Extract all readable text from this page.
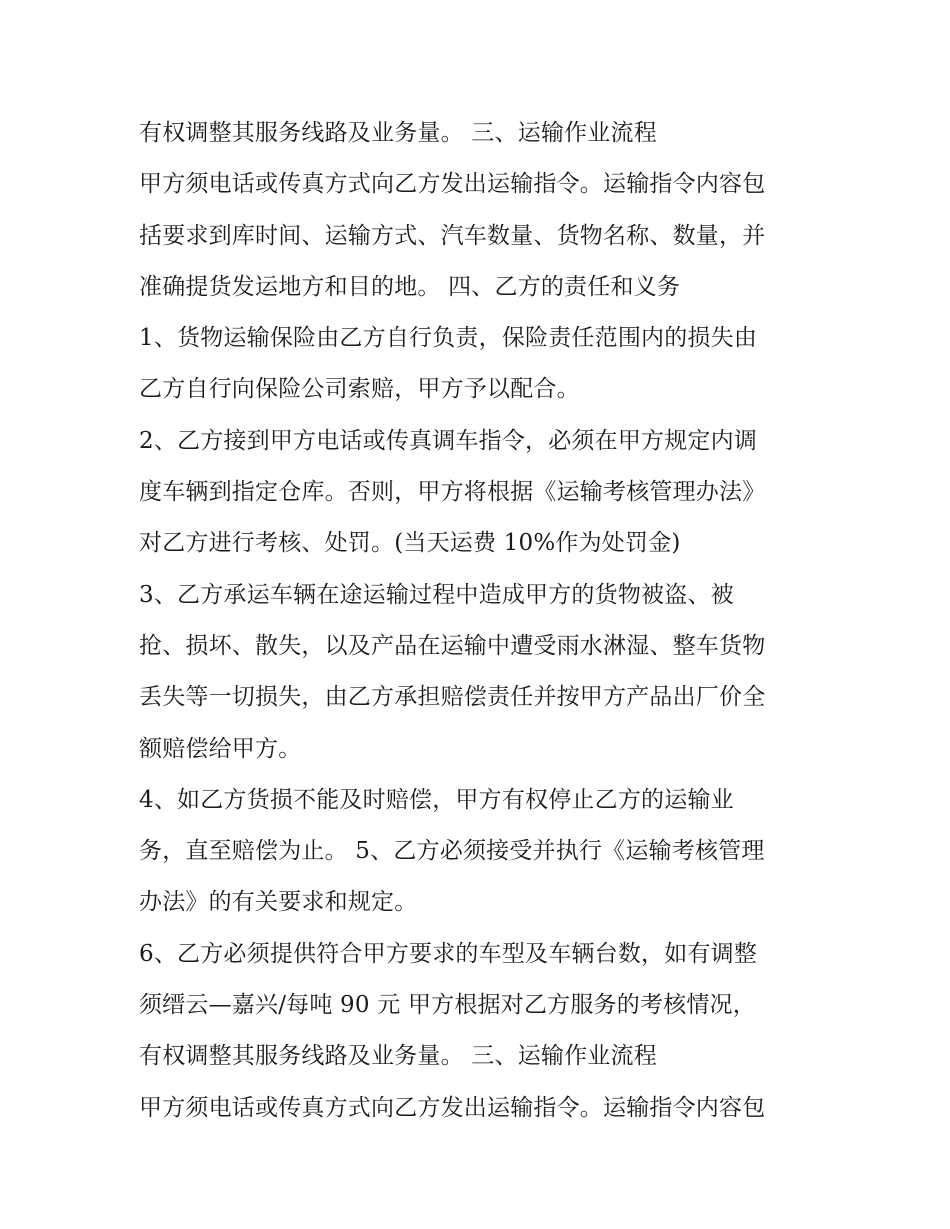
有权调整其服务线路及业务量。 三、运输作业流程
甲方须电话或传真方式向乙方发出运输指令。运输指令内容包
括要求到库时间、运输方式、汽车数量、货物名称、数量，并
准确提货发运地方和目的地。 四、乙方的责任和义务
1、货物运输保险由乙方自行负责，保险责任范围内的损失由
乙方自行向保险公司索赔，甲方予以配合。
2、乙方接到甲方电话或传真调车指令，必须在甲方规定内调
度车辆到指定仓库。否则，甲方将根据《运输考核管理办法》
对乙方进行考核、处罚。(当天运费 10%作为处罚金)
3、乙方承运车辆在途运输过程中造成甲方的货物被盗、被
抢、损坏、散失，以及产品在运输中遭受雨水淋湿、整车货物
丢失等一切损失，由乙方承担赔偿责任并按甲方产品出厂价全
额赔偿给甲方。
4、如乙方货损不能及时赔偿，甲方有权停止乙方的运输业
务，直至赔偿为止。 5、乙方必须接受并执行《运输考核管理
办法》的有关要求和规定。
6、乙方必须提供符合甲方要求的车型及车辆台数，如有调整
须缙云—嘉兴/每吨 90 元 甲方根据对乙方服务的考核情况，
有权调整其服务线路及业务量。 三、运输作业流程
甲方须电话或传真方式向乙方发出运输指令。运输指令内容包
